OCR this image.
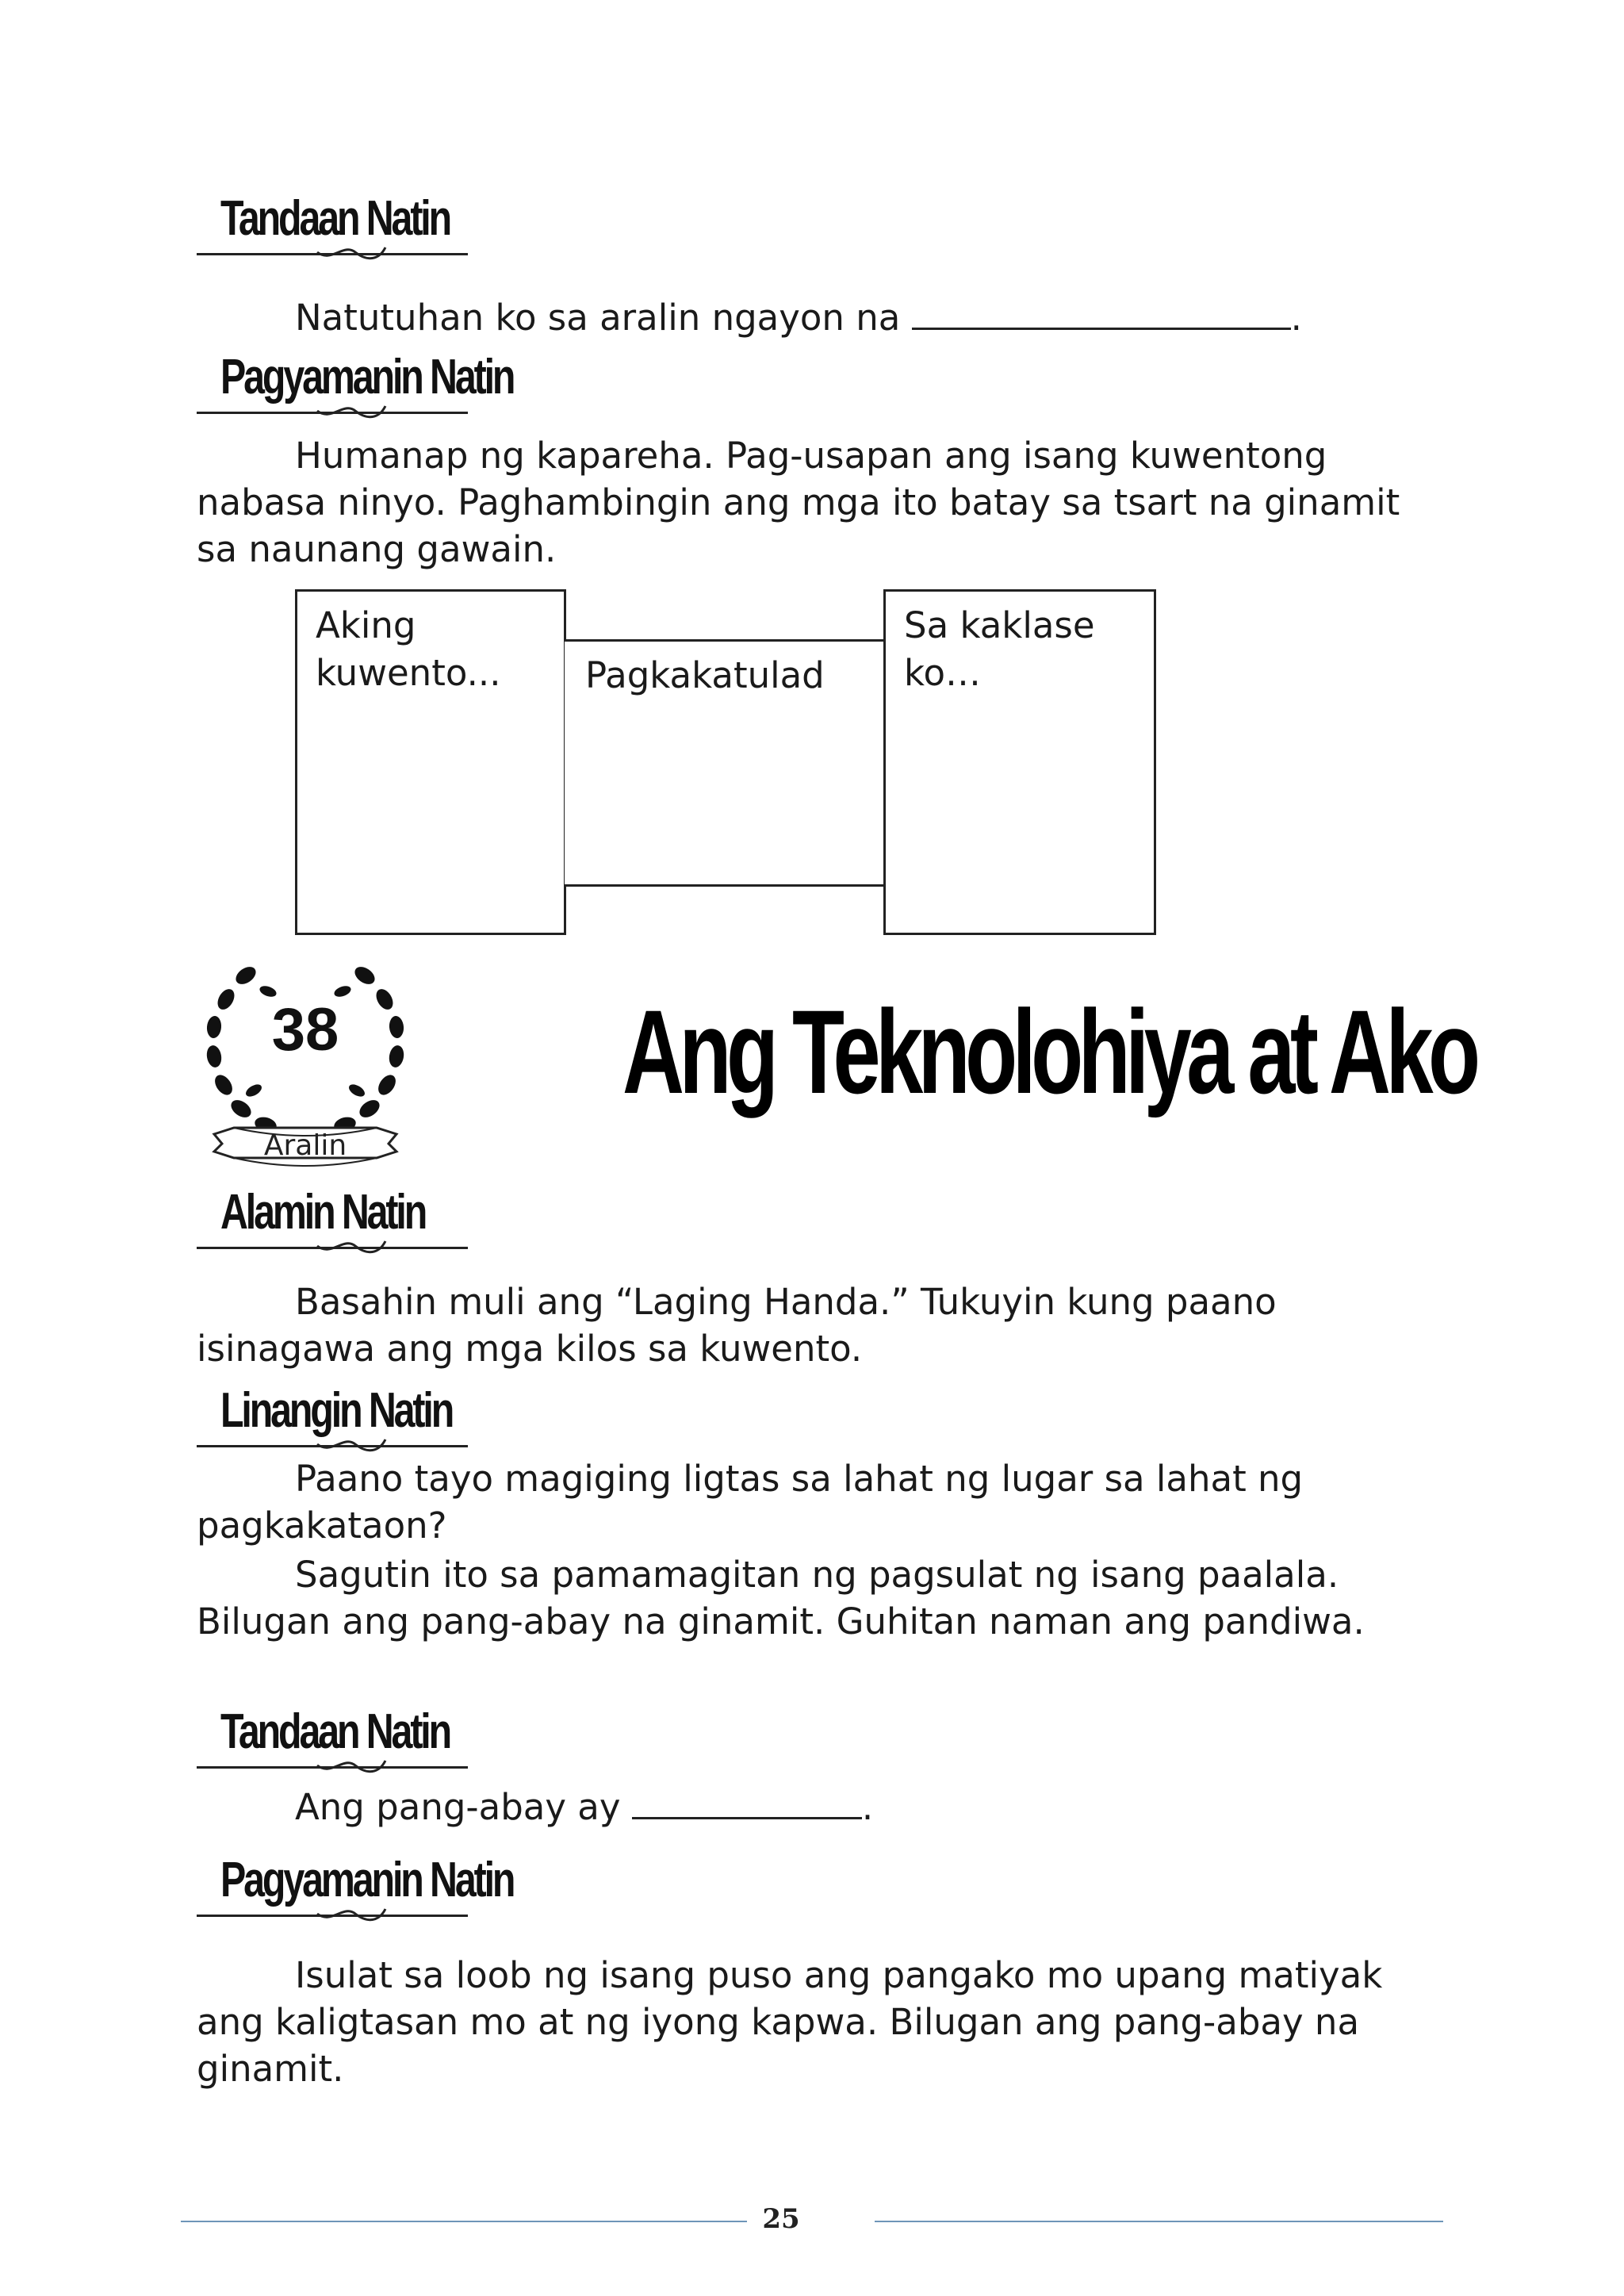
Tandaan Natin
Natutuhan ko sa aralin ngayon na	.
Pagyamanin Natin
Humanap ng kapareha. Pag-usapan ang isang kuwentong nabasa ninyo. Paghambingin ang mga ito batay sa tsart na ginamit sa naunang gawain.
Aking kuwento...	Pagkakatulad
Sa kaklase ko…
38
Aralin
Ang Teknolohiya at Ako
Alamin Natin
Basahin muli ang “Laging Handa.” Tukuyin kung paano isinagawa ang mga kilos sa kuwento.
Linangin Natin
Paano tayo magiging ligtas sa lahat ng lugar sa lahat ng pagkakataon?
Sagutin ito sa pamamagitan ng pagsulat ng isang paalala. Bilugan ang pang-abay na ginamit. Guhitan naman ang pandiwa.
Tandaan Natin
Ang pang-abay ay	.
Pagyamanin Natin
Isulat sa loob ng isang puso ang pangako mo upang matiyak ang kaligtasan mo at ng iyong kapwa. Bilugan ang pang-abay na ginamit.
25
